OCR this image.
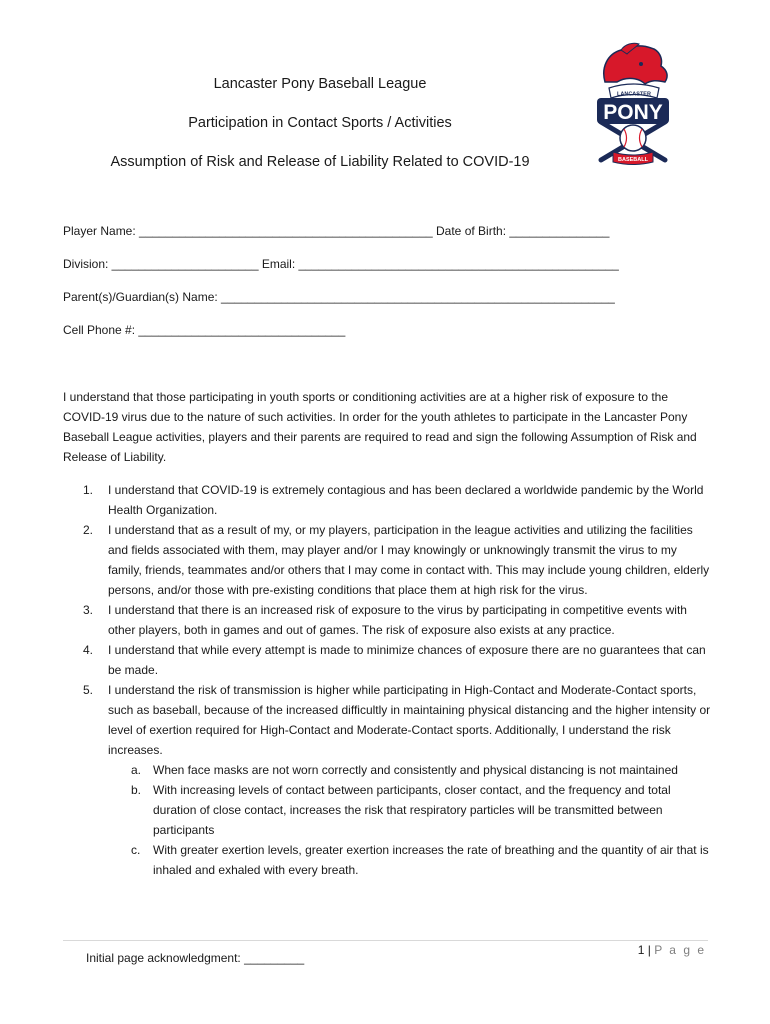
LANCASTER
PONY
BASEBALL
Lancaster Pony Baseball League
Participation in Contact Sports / Activities
Assumption of Risk and Release of Liability Related to COVID-19
Player Name: ____________________________________________ Date of Birth: _______________
Division: ______________________ Email: ________________________________________________
Parent(s)/Guardian(s) Name: ___________________________________________________________
Cell Phone #: _______________________________
I understand that those participating in youth sports or conditioning activities are at a higher risk of exposure to the COVID-19 virus due to the nature of such activities. In order for the youth athletes to participate in the Lancaster Pony Baseball League activities, players and their parents are required to read and sign the following Assumption of Risk and Release of Liability.
1. I understand that COVID-19 is extremely contagious and has been declared a worldwide pandemic by the World Health Organization.
2. I understand that as a result of my, or my players, participation in the league activities and utilizing the facilities and fields associated with them, may player and/or I may knowingly or unknowingly transmit the virus to my family, friends, teammates and/or others that I may come in contact with. This may include young children, elderly persons, and/or those with pre-existing conditions that place them at high risk for the virus.
3. I understand that there is an increased risk of exposure to the virus by participating in competitive events with other players, both in games and out of games. The risk of exposure also exists at any practice.
4. I understand that while every attempt is made to minimize chances of exposure there are no guarantees that can be made.
5. I understand the risk of transmission is higher while participating in High-Contact and Moderate-Contact sports, such as baseball, because of the increased difficultly in maintaining physical distancing and the higher intensity or level of exertion required for High-Contact and Moderate-Contact sports. Additionally, I understand the risk increases.
a. When face masks are not worn correctly and consistently and physical distancing is not maintained
b. With increasing levels of contact between participants, closer contact, and the frequency and total duration of close contact, increases the risk that respiratory particles will be transmitted between participants
c. With greater exertion levels, greater exertion increases the rate of breathing and the quantity of air that is inhaled and exhaled with every breath.
1 | P a g e
Initial page acknowledgment: _________
